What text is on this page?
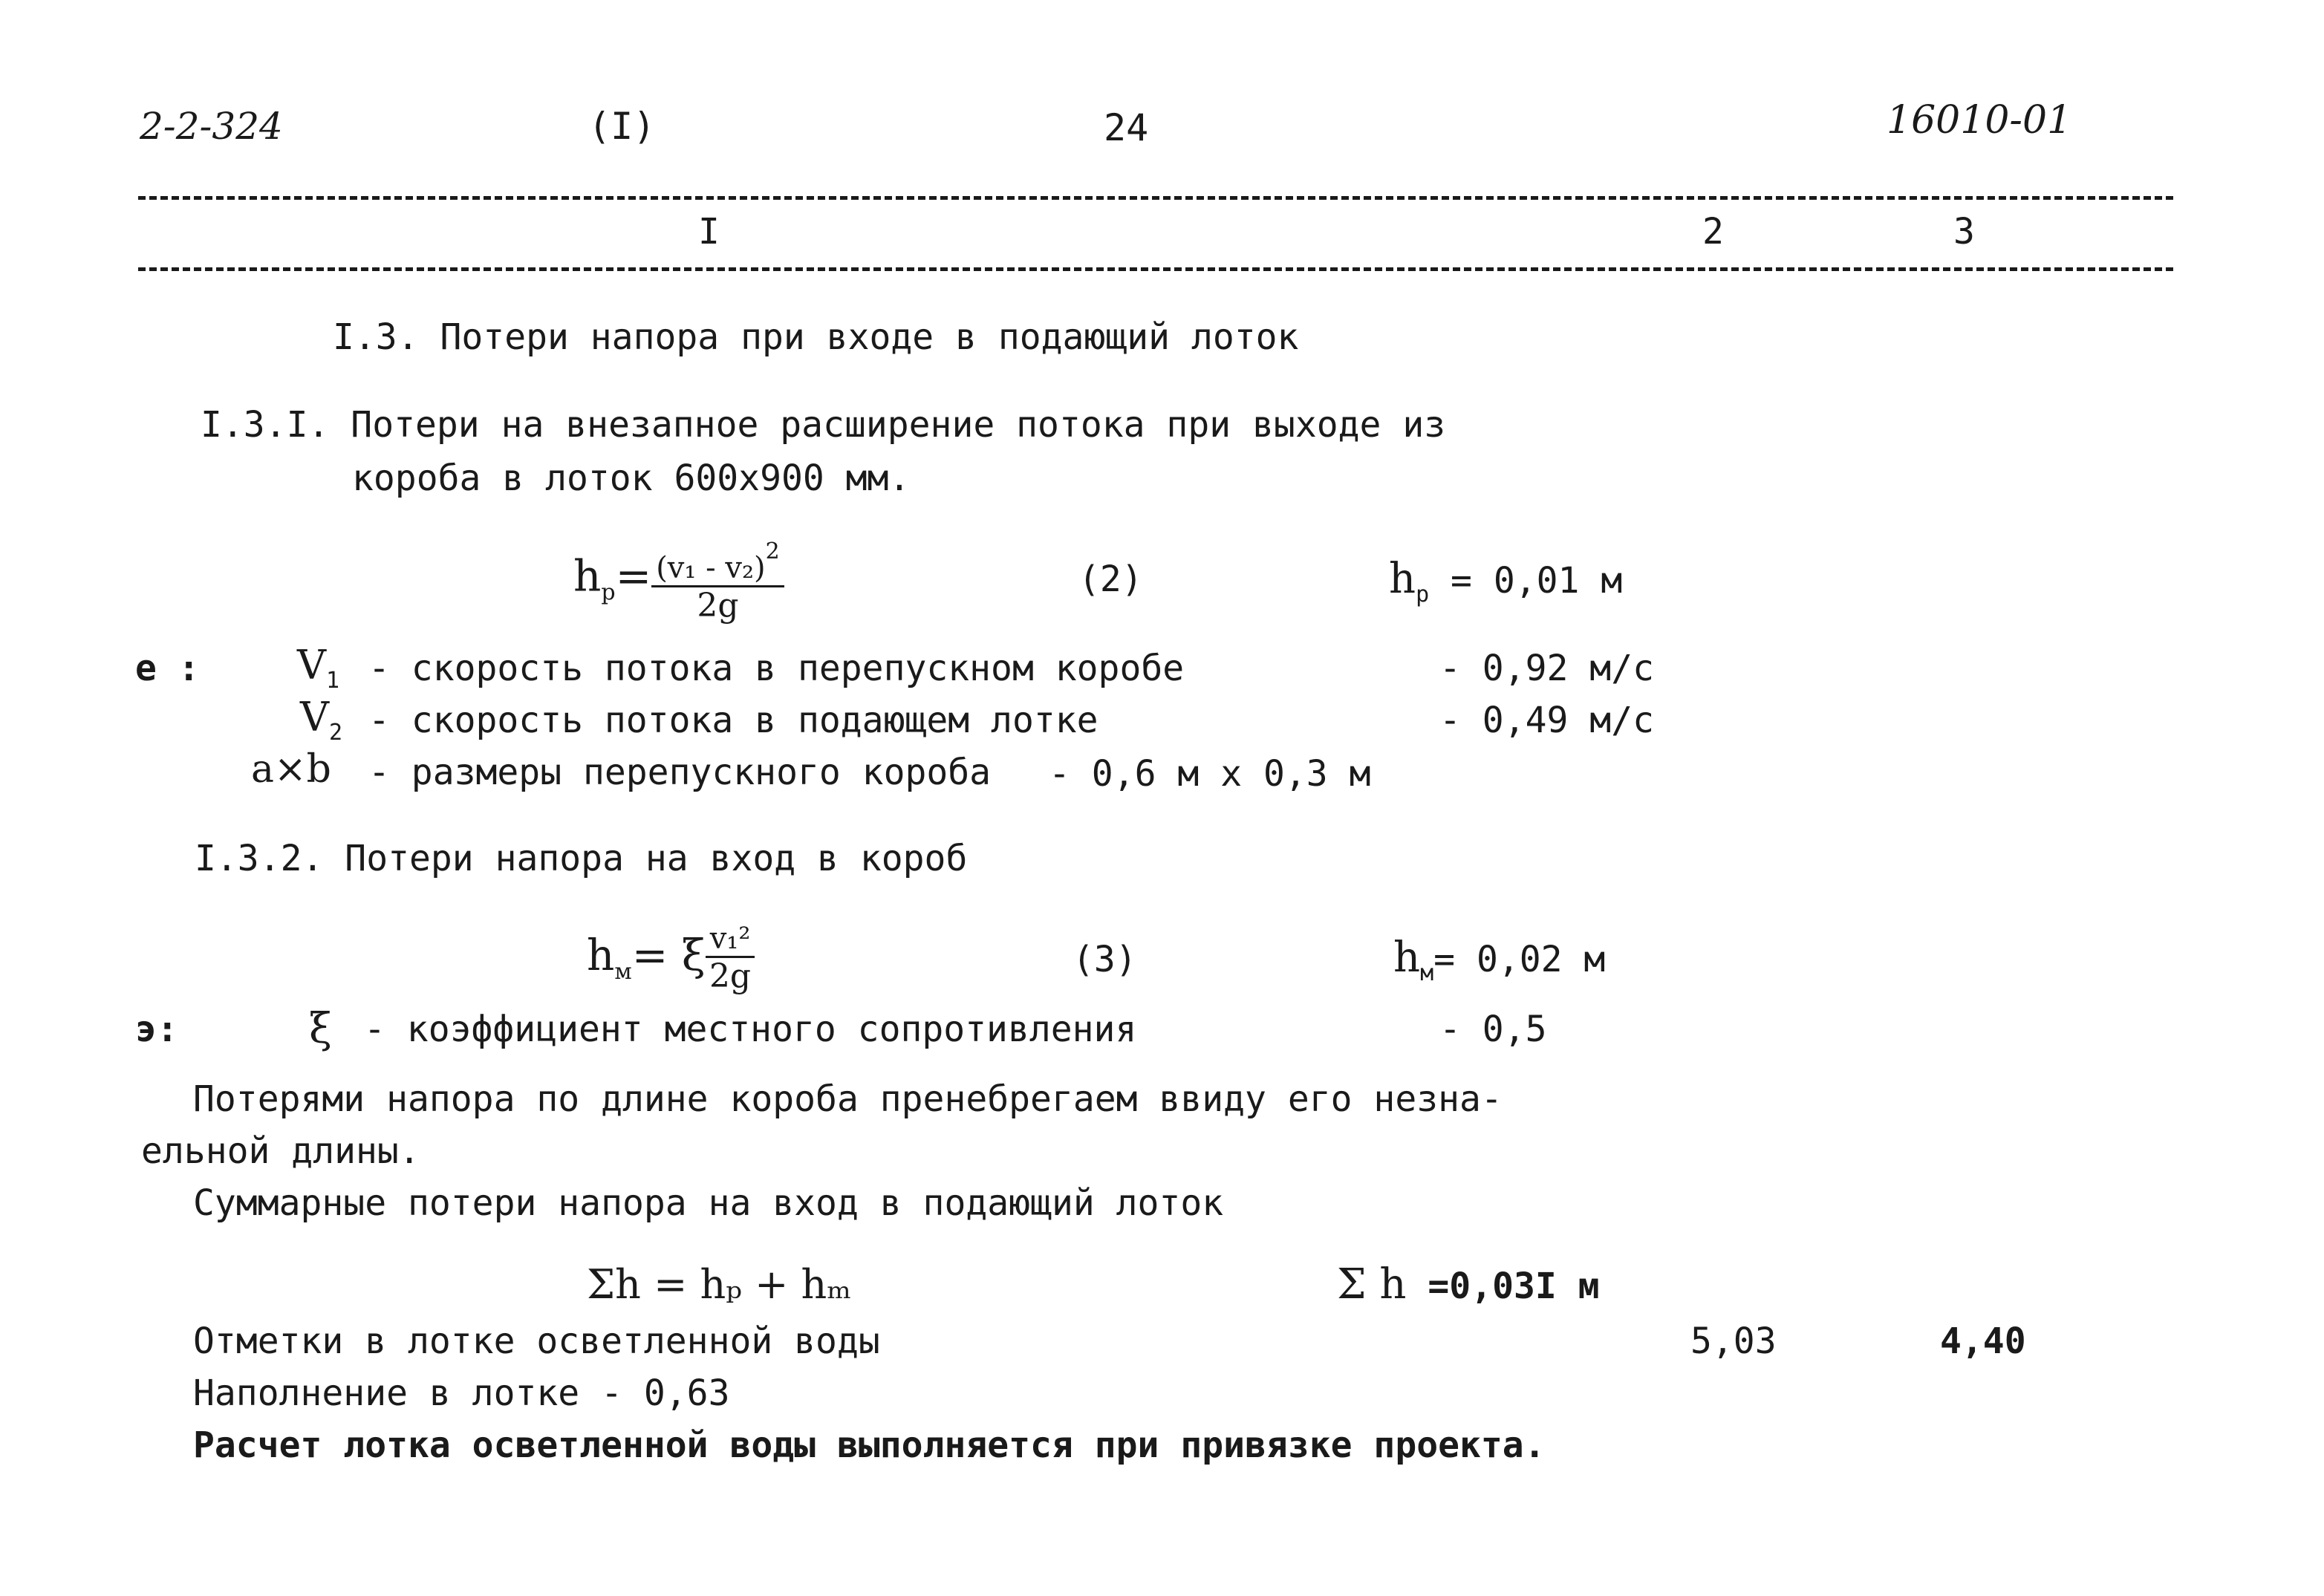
2-2-324	(I)	24	16010-01
I	2	3
I.3. Потери напора при входе в подающий лоток
I.3.I. Потери на внезапное расширение потока при выходе из
короба в лоток 600x900 мм.
$h_p= \frac{(v_1 - v_2)^2}{2g}$	(2)	$h_p = 0,01$ м
е : $V_1$ - скорость потока в перепускном коробе	- 0,92 м/с
$V_2$ - скорость потока в подающем лотке	- 0,49 м/с
a×b - размеры перепускного короба - 0,6 м x 0,3 м
I.3.2. Потери напора на вход в короб
$h_м= \xi \frac{\text{v₁²}}{2g}$	(3)	$h_м= 0,02$ м
э:	ξ - коэффициент местного сопротивления	- 0,5
Потерями напора по длине короба пренебрегаем ввиду его незна-
ельной длины.
Суммарные потери напора на вход в подающий лоток
Σh = hₚ + hₘ	Σ h =0,03I м
Отметки в лотке осветленной воды	5,03	4,40
Наполнение в лотке - 0,63
Расчет лотка осветленной воды выполняется при привязке проекта.
